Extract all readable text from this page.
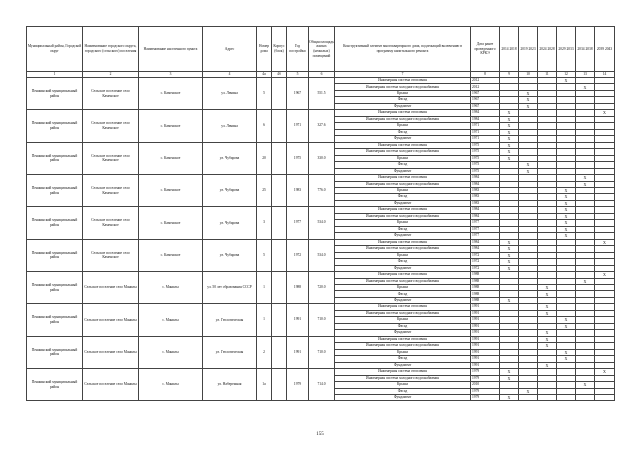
Муниципальный район, Городской округ	Наименование городского округа, городского (сельского) поселения	Наименование населенного пункта	Адрес	Номер дома	Корпус (блок)	Год постройки	Общая площадь жилых (нежилых) помещений	Конструктивный элемент многоквартирного дома, подлежащий включению в программу капитального ремонта	Дата ранее проведенного КРКЭ	2014 2018	2019 2023	2024 2028	2029 2033	2034 2038	2039 2043
1	2	3	4	4а	4б	5	6	7	8	9	10	11	12	13	14
Пенжинский муниципальный район	Сельское поселение село Каменское	с. Каменское	ул. Ленина	5		1967	551.5	Инженерная система отопления	2012				X		
								Инженерная система холодного водоснабжения	2012					X	
								Крыша	1967		X				
								Фасад	1967		X				
								Фундамент	1967		X				
Пенжинский муниципальный район	Сельское поселение село Каменское	с. Каменское	ул. Ленина	6		1971	327.6	Инженерная система отопления	1984	X					X
								Инженерная система холодного водоснабжения	1984	X					
								Крыша	1971	X					
								Фасад	1971	X					
								Фундамент	1971	X					
Пенжинский муниципальный район	Сельское поселение село Каменское	с. Каменское	ул. Чубарова	20		1975	330.0	Инженерная система отопления	1975	X					
								Инженерная система холодного водоснабжения	1975	X					
								Крыша	1975	X					
								Фасад	1975		X				
								Фундамент	1975		X				
Пенжинский муниципальный район	Сельское поселение село Каменское	с. Каменское	ул. Чубарова	25		1983	776.0	Инженерная система отопления	1984					X	
								Инженерная система холодного водоснабжения	1984					X	
								Крыша	1983				X		
								Фасад	1983				X		
								Фундамент	1983				X		
Пенжинский муниципальный район	Сельское поселение село Каменское	с. Каменское	ул. Чубарова	3		1977	534.0	Инженерная система отопления	1984				X		
								Инженерная система холодного водоснабжения	1984				X		
								Крыша	1977				X		
								Фасад	1977				X		
								Фундамент	1977				X		
Пенжинский муниципальный район	Сельское поселение село Каменское	с. Каменское	ул. Чубарова	5		1972	534.0	Инженерная система отопления	1984	X					X
								Инженерная система холодного водоснабжения	1984	X					
								Крыша	1972	X					
								Фасад	1972	X					
								Фундамент	1972	X					
Пенжинский муниципальный район	Сельское поселение село Манилы	с. Манилы	ул. 50 лет образования СССР	1		1988	720.0	Инженерная система отопления	1988						X
								Инженерная система холодного водоснабжения	1988					X	
								Крыша	1988			X			
								Фасад	1988			X			
								Фундамент	1988	X					
Пенжинский муниципальный район	Сельское поселение село Манилы	с. Манилы	ул. Геологическая	1		1991	710.0	Инженерная система отопления	1991			X			
								Инженерная система холодного водоснабжения	1991			X			
								Крыша	1991				X		
								Фасад	1991				X		
								Фундамент	1991			X			
Пенжинский муниципальный район	Сельское поселение село Манилы	с. Манилы	ул. Геологическая	2		1991	710.0	Инженерная система отопления	1991			X			
								Инженерная система холодного водоснабжения	1991			X			
								Крыша	1991				X		
								Фасад	1991				X		
								Фундамент	1991			X			
Пенжинский муниципальный район	Сельское поселение село Манилы	с. Манилы	ул. Набережная	1а		1979	714.0	Инженерная система отопления	1979	X					X
								Инженерная система холодного водоснабжения	1979	X					
								Крыша	2010					X	
								Фасад	1979		X				
								Фундамент	1979	X					
155
